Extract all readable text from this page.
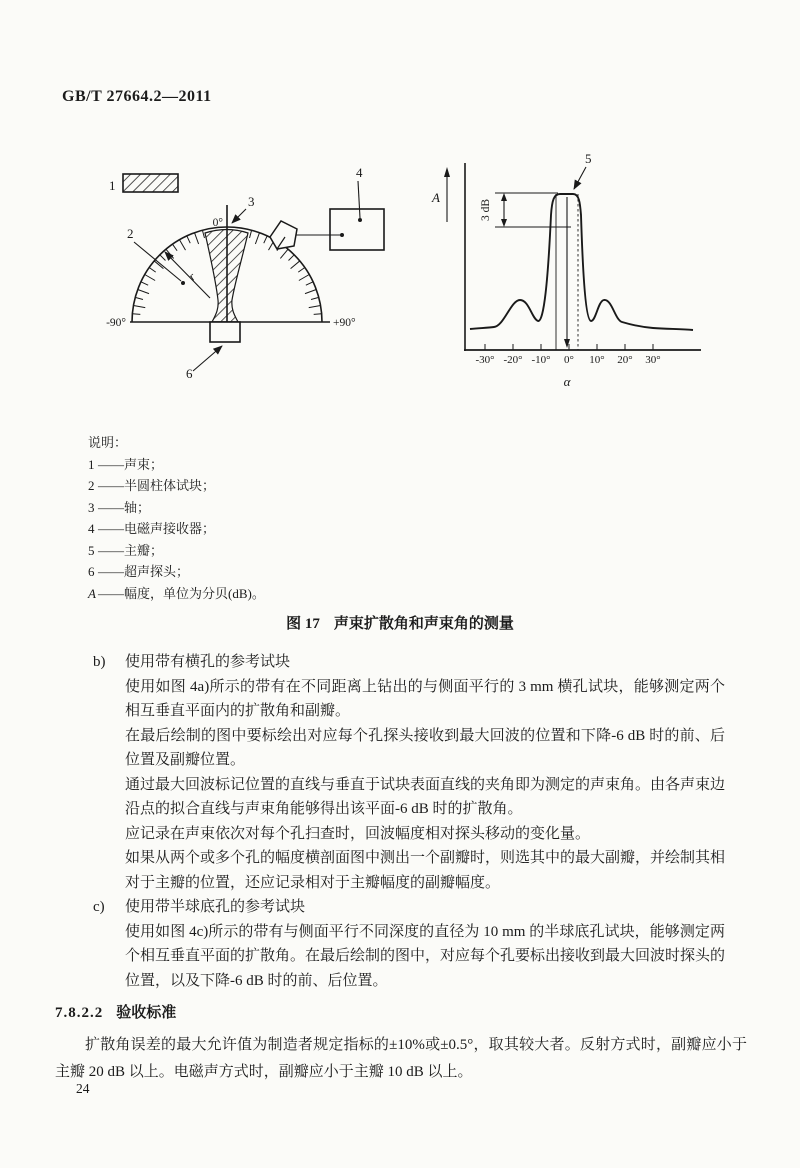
GB/T 27664.2—2011
1
0°
3
-90°	+90°
2
r
6
4
A
3 dB
5
-30° -20° -10° 0° 10° 20° 30°
α
说明：
1 ——声束；
2 ——半圆柱体试块；
3 ——轴；
4 ——电磁声接收器；
5 ——主瓣；
6 ——超声探头；
A ——幅度，单位为分贝(dB)。
图 17 声束扩散角和声束角的测量
b)	使用带有横孔的参考试块

使用如图 4a)所示的带有在不同距离上钻出的与侧面平行的 3 mm 横孔试块，能够测定两个相互垂直平面内的扩散角和副瓣。

在最后绘制的图中要标绘出对应每个孔探头接收到最大回波的位置和下降-6 dB 时的前、后位置及副瓣位置。

通过最大回波标记位置的直线与垂直于试块表面直线的夹角即为测定的声束角。由各声束边沿点的拟合直线与声束角能够得出该平面-6 dB 时的扩散角。

应记录在声束依次对每个孔扫查时，回波幅度相对探头移动的变化量。

如果从两个或多个孔的幅度横剖面图中测出一个副瓣时，则选其中的最大副瓣，并绘制其相对于主瓣的位置，还应记录相对于主瓣幅度的副瓣幅度。

c)	使用带半球底孔的参考试块

使用如图 4c)所示的带有与侧面平行不同深度的直径为 10 mm 的半球底孔试块，能够测定两个相互垂直平面的扩散角。在最后绘制的图中，对应每个孔要标出接收到最大回波时探头的位置，以及下降-6 dB 时的前、后位置。

7.8.2.2 验收标准

扩散角误差的最大允许值为制造者规定指标的±10%或±0.5°，取其较大者。反射方式时，副瓣应小于主瓣 20 dB 以上。电磁声方式时，副瓣应小于主瓣 10 dB 以上。

24
